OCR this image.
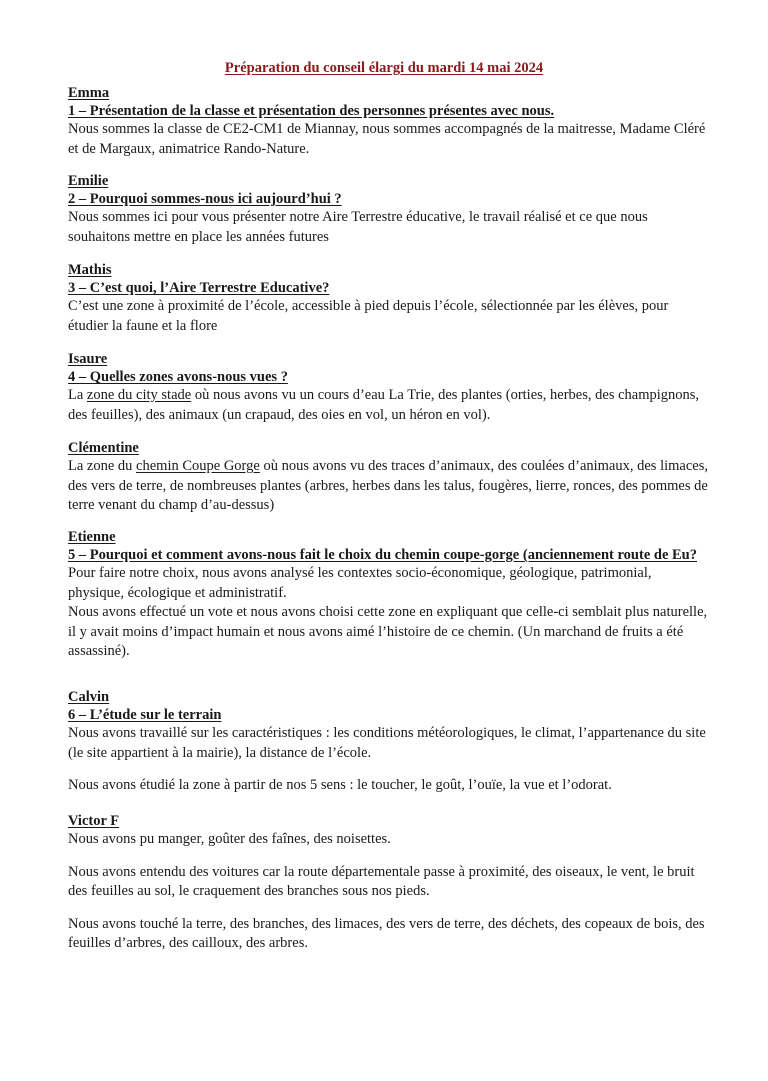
Préparation du conseil élargi du mardi 14 mai 2024
Emma
1 – Présentation de la classe et présentation des personnes présentes avec nous.
Nous sommes la classe de CE2-CM1 de Miannay, nous sommes accompagnés de la maitresse, Madame Cléré et de Margaux, animatrice Rando-Nature.
Emilie
2 – Pourquoi sommes-nous ici aujourd’hui ?
Nous sommes ici pour vous présenter notre Aire Terrestre éducative, le travail réalisé et ce que nous souhaitons mettre en place les années futures
Mathis
3 – C’est quoi, l’Aire Terrestre Educative?
C’est une zone à proximité de l’école, accessible à pied depuis l’école, sélectionnée par les élèves, pour étudier la faune et la flore
Isaure
4 – Quelles zones avons-nous vues ?
La zone du city stade où nous avons vu un cours d’eau La Trie, des plantes (orties, herbes, des champignons, des feuilles), des animaux (un crapaud, des oies en vol, un héron en vol).
Clémentine
La zone du chemin Coupe Gorge où nous avons vu des traces d’animaux, des coulées d’animaux, des limaces, des vers de terre, de nombreuses plantes (arbres, herbes dans les talus, fougères, lierre, ronces, des pommes de terre venant du champ d’au-dessus)
Etienne
5 – Pourquoi et comment avons-nous fait le choix du chemin coupe-gorge (anciennement route de Eu?
Pour faire notre choix, nous avons analysé les contextes socio-économique, géologique, patrimonial, physique, écologique et administratif.
Nous avons effectué un vote et nous avons choisi cette zone en expliquant que celle-ci semblait plus naturelle, il y avait moins d’impact humain et nous avons aimé l’histoire de ce chemin. (Un marchand de fruits a été assassiné).
Calvin
6 – L’étude sur le terrain
Nous avons travaillé sur les caractéristiques : les conditions météorologiques, le climat, l’appartenance du site (le site appartient à la mairie), la distance de l’école.
Nous avons étudié la zone à partir de nos 5 sens : le toucher, le goût, l’ouïe, la vue et l’odorat.
Victor F
Nous avons pu manger, goûter des faînes, des noisettes.
Nous avons entendu des voitures car la route départementale passe à proximité, des oiseaux, le vent, le bruit des feuilles au sol, le craquement des branches sous nos pieds.
Nous avons touché la terre, des branches, des limaces, des vers de terre, des déchets, des copeaux de bois, des feuilles d’arbres, des cailloux, des arbres.
